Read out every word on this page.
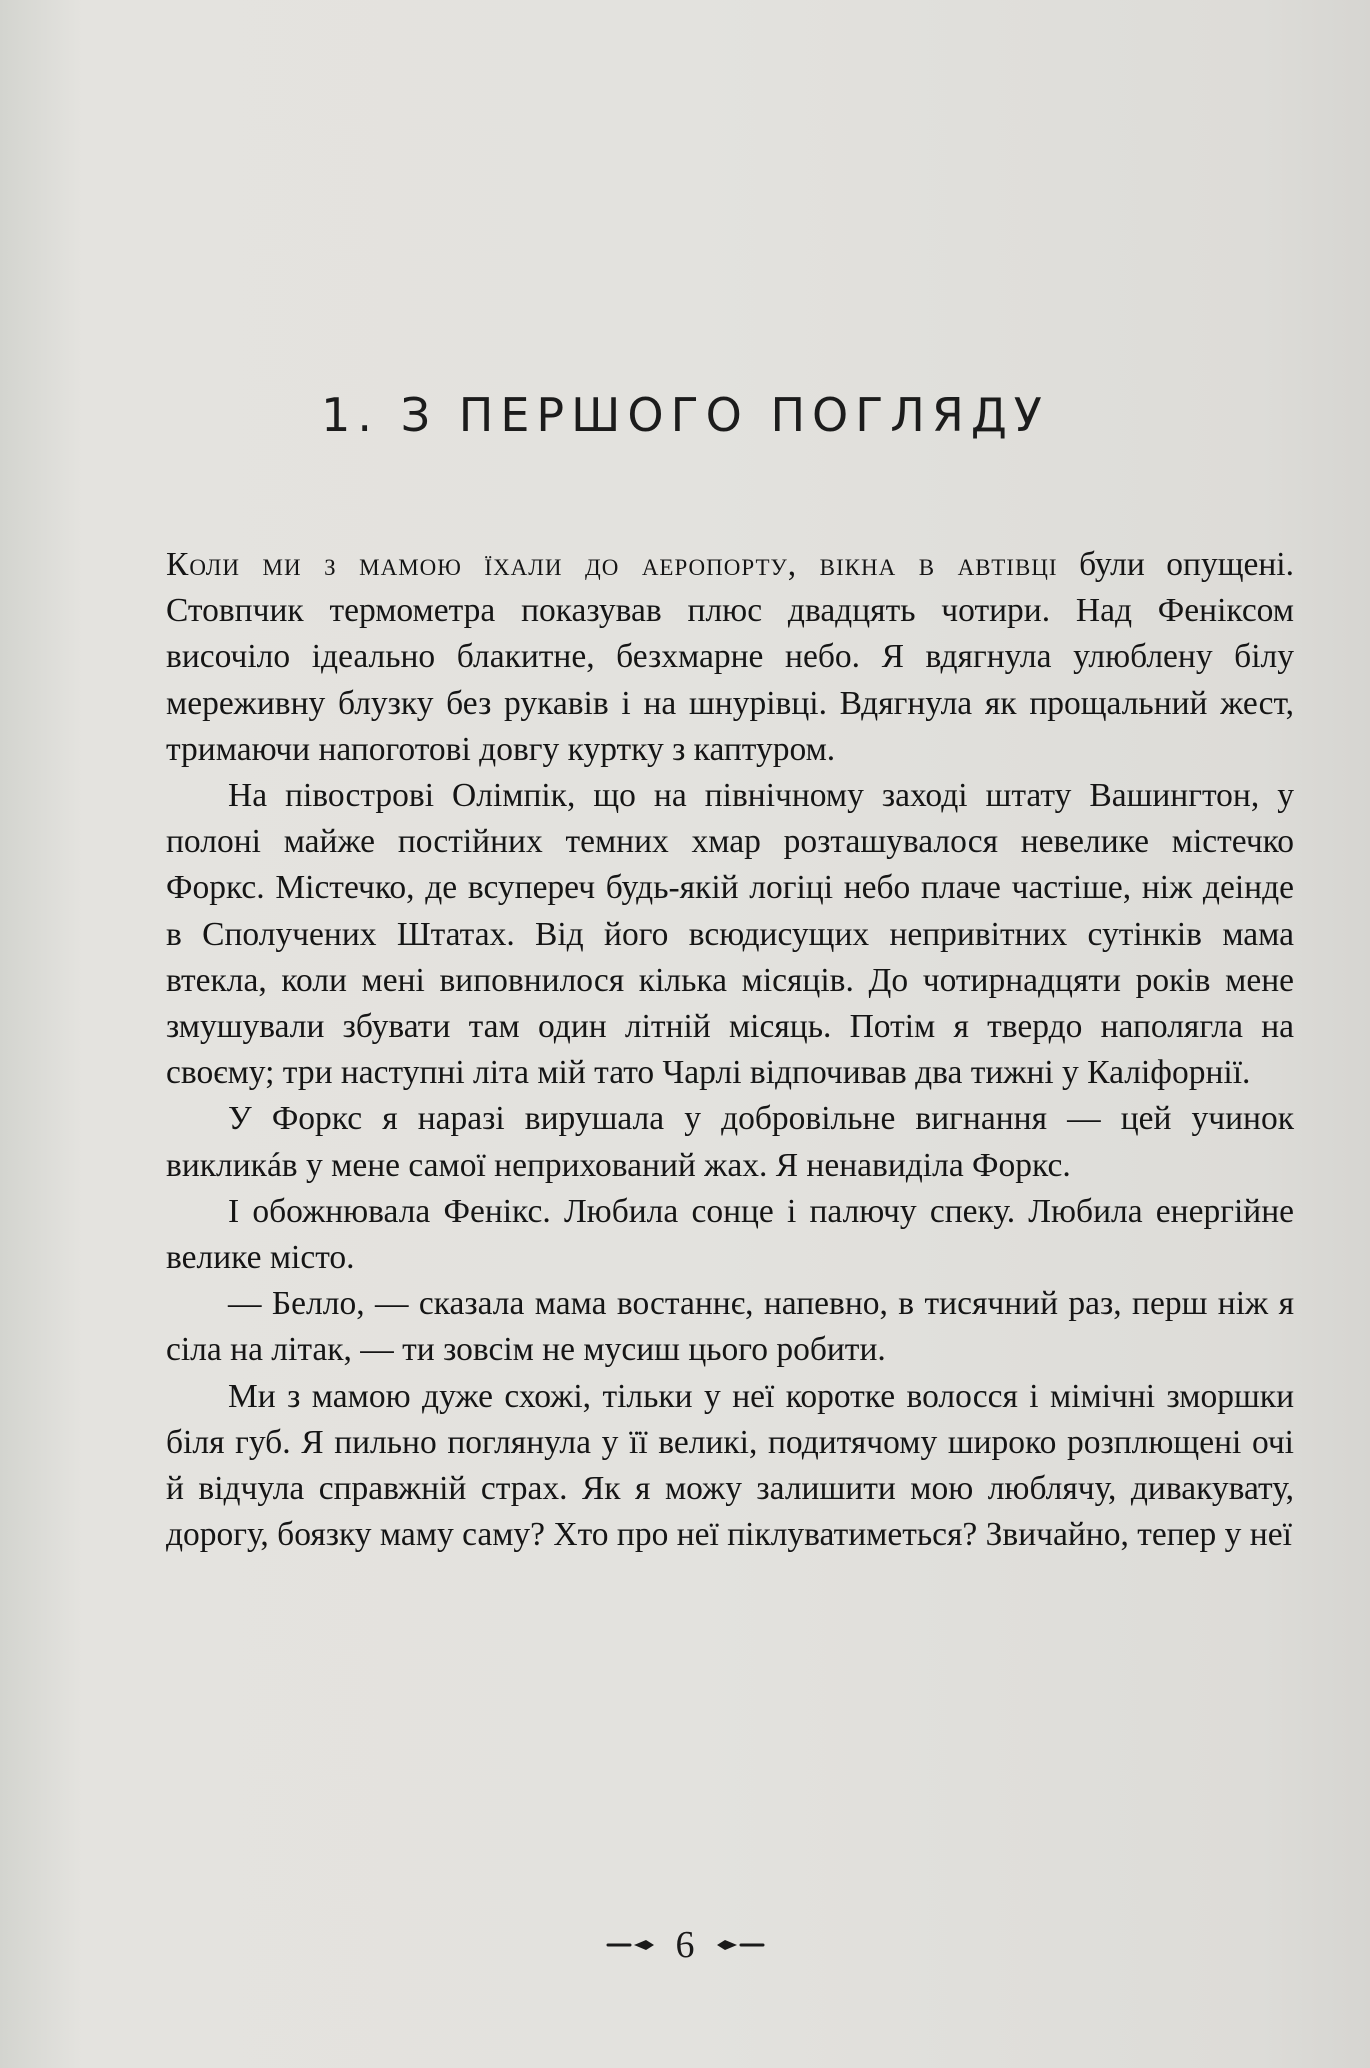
1. З ПЕРШОГО ПОГЛЯДУ

Коли ми з мамою їхали до аеропорту, вікна в автівці були опущені. Стовпчик термометра показував плюс двадцять чотири. Над Феніксом височіло ідеально блакитне, безхмарне небо. Я вдягнула улюблену білу мереживну блузку без рукавів і на шнурівці. Вдягнула як прощальний жест, тримаючи напоготові довгу куртку з каптуром.

На півострові Олімпік, що на північному заході штату Вашингтон, у полоні майже постійних темних хмар розташувалося невелике містечко Форкс. Містечко, де всупереч будь-якій логіці небо плаче частіше, ніж деінде в Сполучених Штатах. Від його всюдисущих непривітних сутінків мама втекла, коли мені виповнилося кілька місяців. До чотирнадцяти років мене змушували збувати там один літній місяць. Потім я твердо наполягла на своєму; три наступні літа мій тато Чарлі відпочивав два тижні у Каліфорнії.

У Форкс я наразі вирушала у добровільне вигнання — цей учинок викликáв у мене самої неприхований жах. Я ненавиділа Форкс.

І обожнювала Фенікс. Любила сонце і палючу спеку. Любила енергійне велике місто.

— Белло, — сказала мама востаннє, напевно, в тисячний раз, перш ніж я сіла на літак, — ти зовсім не мусиш цього робити.

Ми з мамою дуже схожі, тільки у неї коротке волосся і мімічні зморшки біля губ. Я пильно поглянула у її великі, подитячому широко розплющені очі й відчула справжній страх. Як я можу залишити мою люблячу, дивакувату, дорогу, боязку маму саму? Хто про неї піклуватиметься? Звичайно, тепер у неї

6
